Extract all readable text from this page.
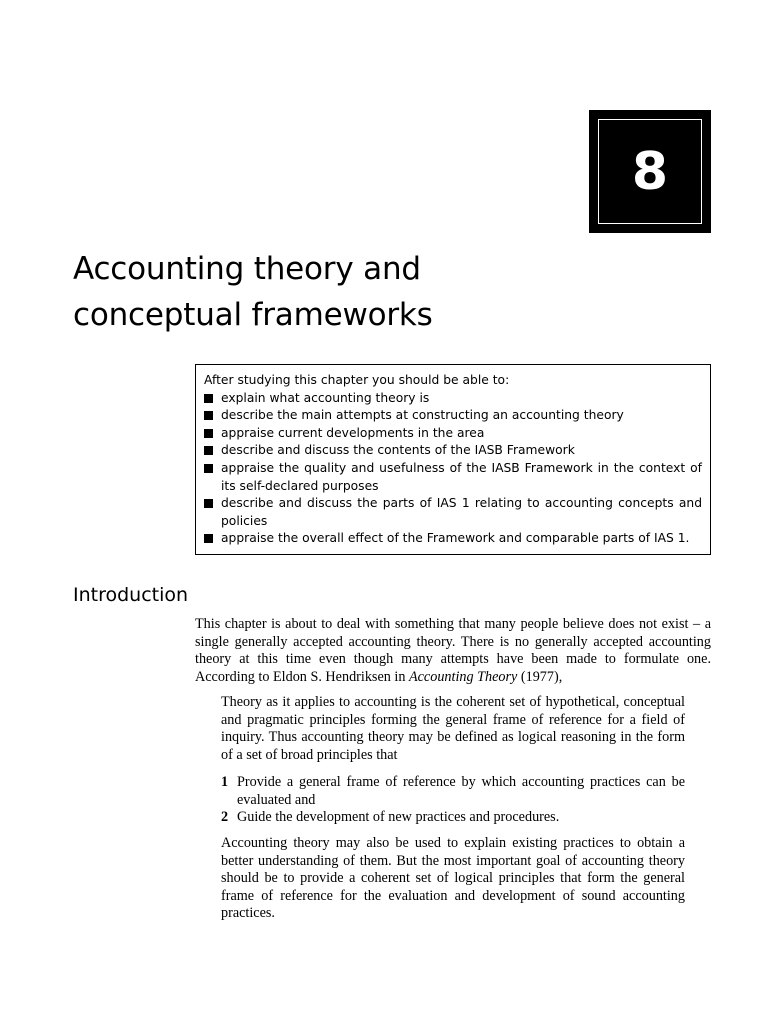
8
Accounting theory and
conceptual frameworks
After studying this chapter you should be able to:
explain what accounting theory is
describe the main attempts at constructing an accounting theory
appraise current developments in the area
describe and discuss the contents of the IASB Framework
appraise the quality and usefulness of the IASB Framework in the context of its self-declared purposes
describe and discuss the parts of IAS 1 relating to accounting concepts and policies
appraise the overall effect of the Framework and comparable parts of IAS 1.
Introduction

This chapter is about to deal with something that many people believe does not exist – a single generally accepted accounting theory. There is no generally accepted accounting theory at this time even though many attempts have been made to formulate one. According to Eldon S. Hendriksen in Accounting Theory (1977),

Theory as it applies to accounting is the coherent set of hypothetical, conceptual and pragmatic principles forming the general frame of reference for a field of inquiry. Thus accounting theory may be defined as logical reasoning in the form of a set of broad principles that

1 Provide a general frame of reference by which accounting practices can be evaluated and
2 Guide the development of new practices and procedures.

Accounting theory may also be used to explain existing practices to obtain a better understanding of them. But the most important goal of accounting theory should be to provide a coherent set of logical principles that form the general frame of reference for the evaluation and development of sound accounting practices.
